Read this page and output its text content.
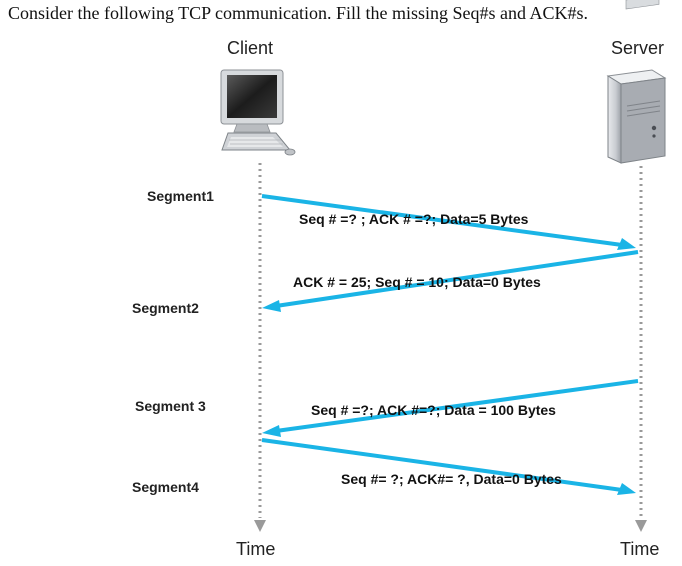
Consider the following TCP communication. Fill the missing Seq#s and ACK#s.
Client	Server
Segment1
Segment2
Segment 3
Segment4
Seq # =? ; ACK # =?; Data=5 Bytes
ACK # = 25; Seq # = 10; Data=0 Bytes
Seq # =?; ACK #=?; Data = 100 Bytes
Seq #= ?; ACK#= ?, Data=0 Bytes
Time	Time
